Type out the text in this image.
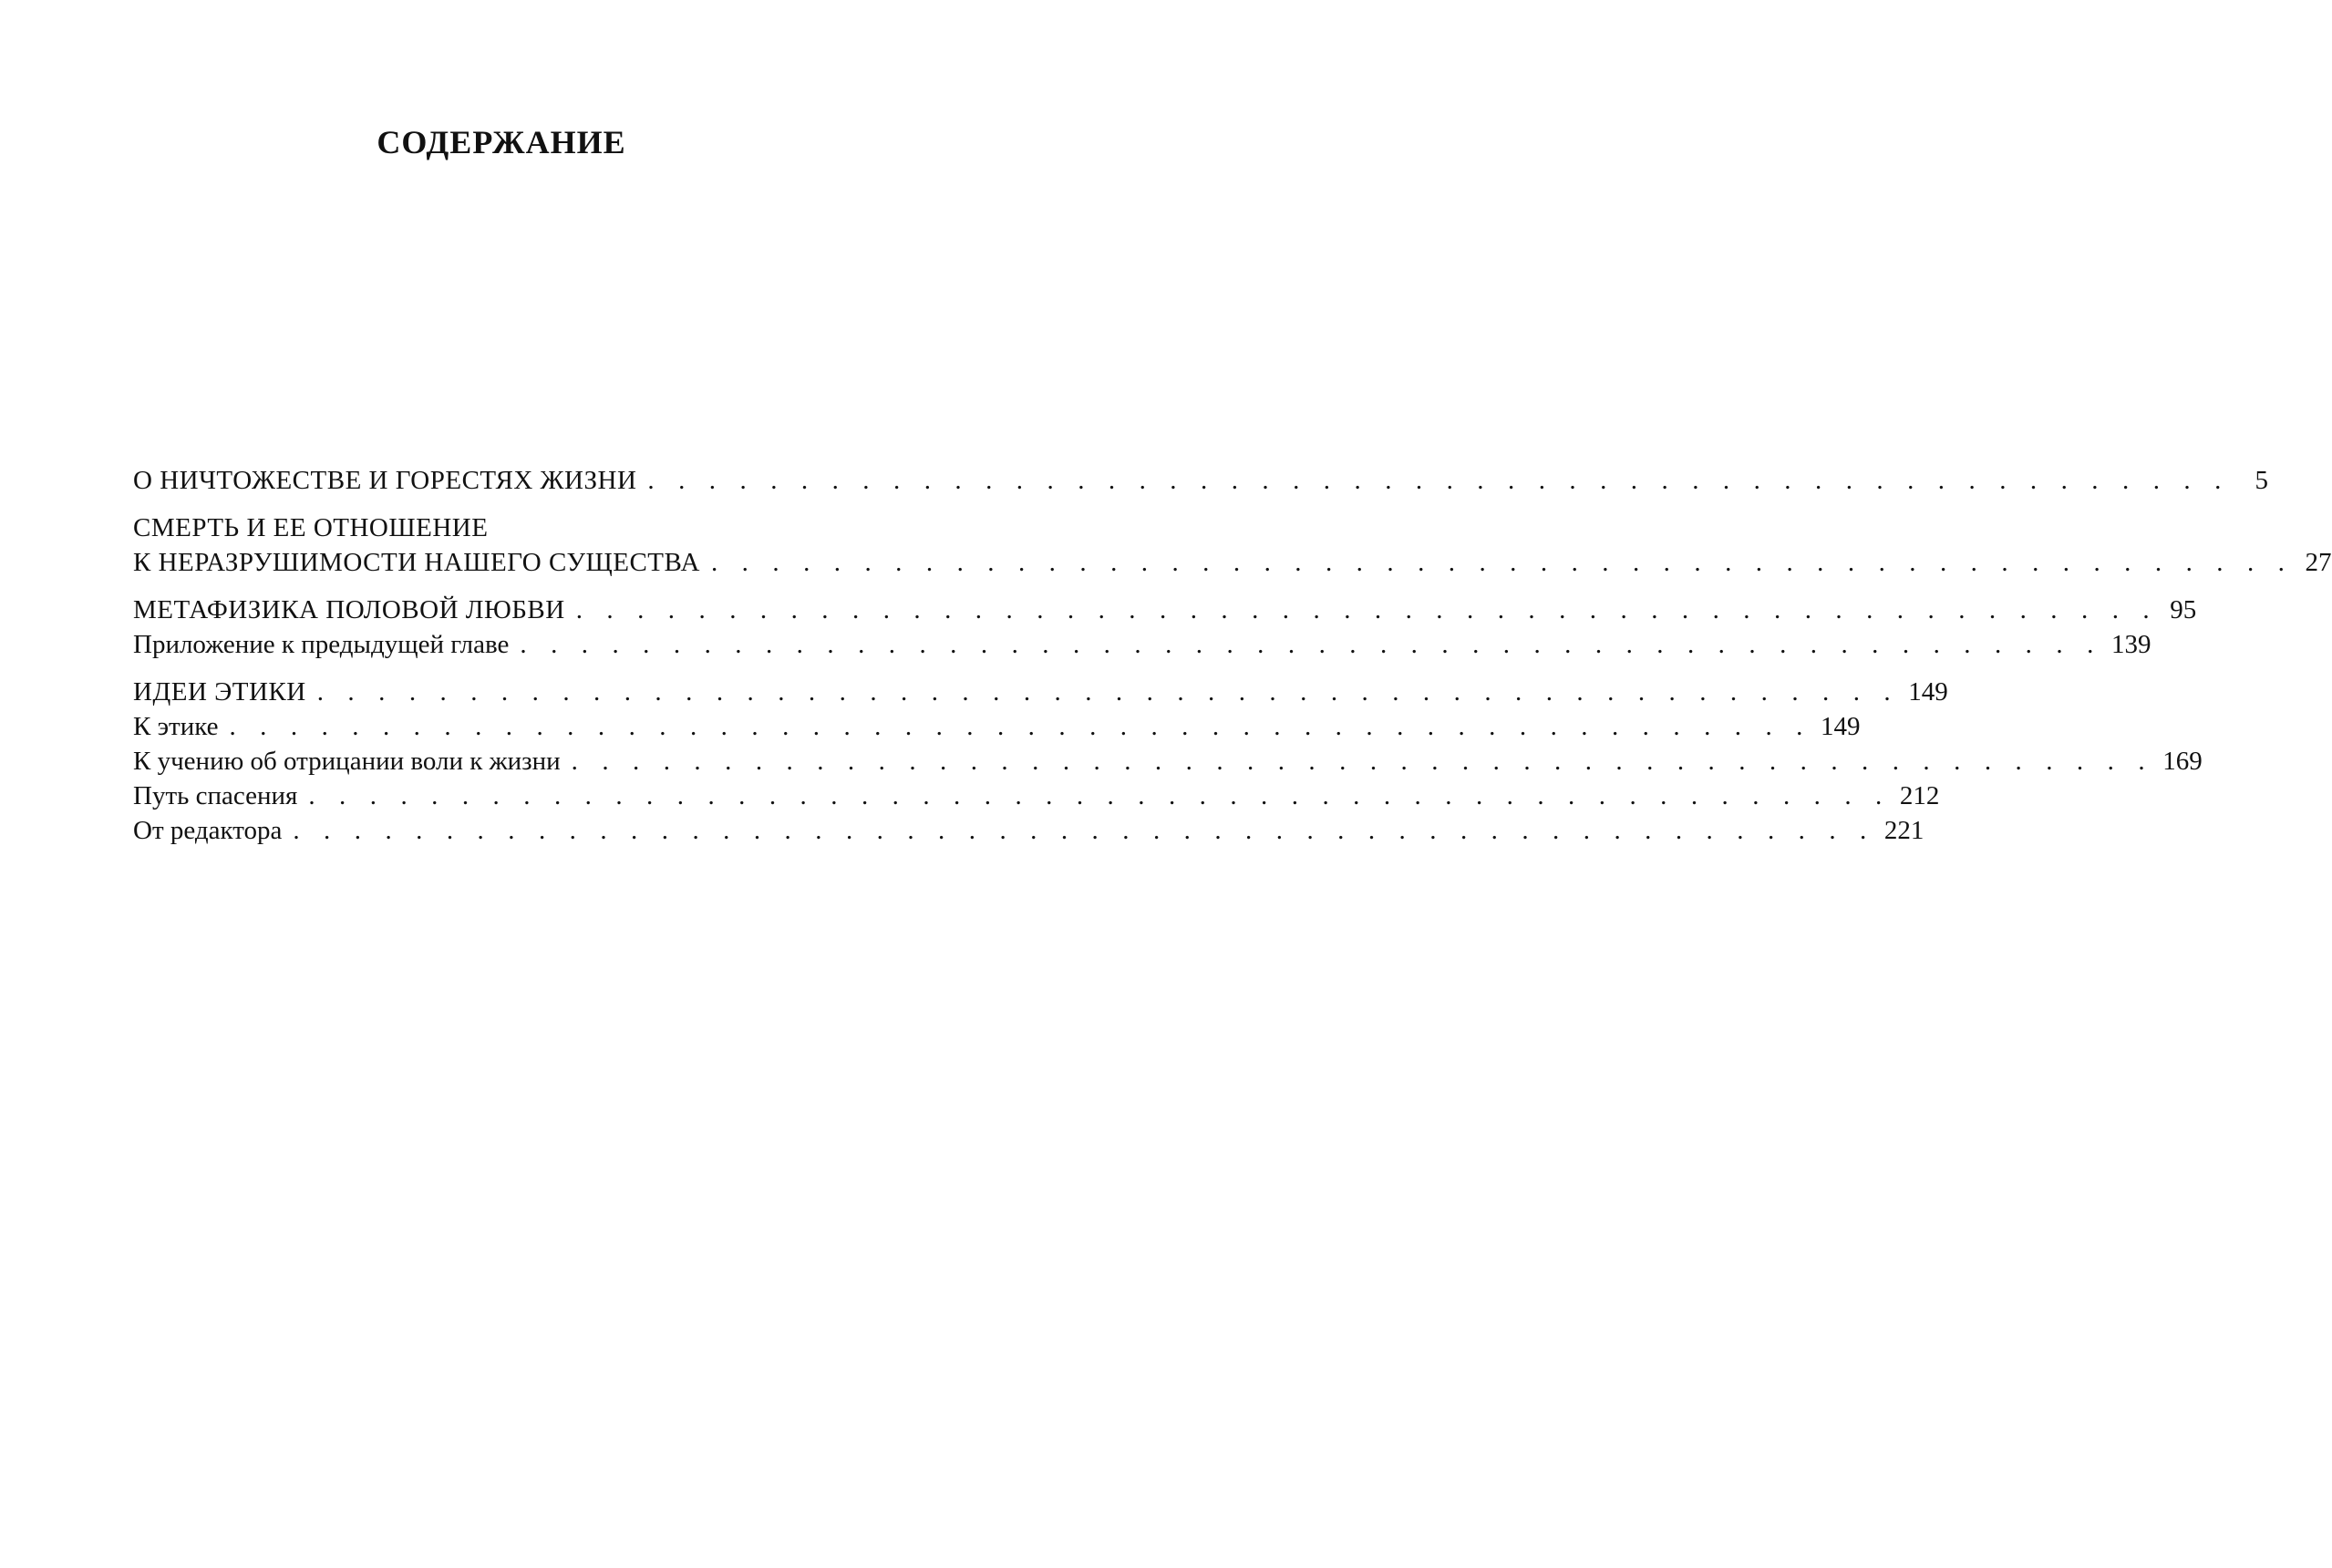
СОДЕРЖАНИЕ
О НИЧТОЖЕСТВЕ И ГОРЕСТЯХ ЖИЗНИ . . . . . . . . . . . . . . . . . . . . . . . . . . . . . . . . . . . . . . . . . . . . . . . . . . . . 5
СМЕРТЬ И ЕЕ ОТНОШЕНИЕ
К НЕРАЗРУШИМОСТИ НАШЕГО СУЩЕСТВА . . . . . . . . . . . . . . . . . . . . . . . . . . . . . . . . . . . . . . . . . . . . . . . . . . . . 27
МЕТАФИЗИКА ПОЛОВОЙ ЛЮБВИ . . . . . . . . . . . . . . . . . . . . . . . . . . . . . . . . . . . . . . . . . . . . . . . . . . . . 95
Приложение к предыдущей главе . . . . . . . . . . . . . . . . . . . . . . . . . . . . . . . . . . . . . . . . . . . . . . . . . . . . 139
ИДЕИ ЭТИКИ . . . . . . . . . . . . . . . . . . . . . . . . . . . . . . . . . . . . . . . . . . . . . . . . . . . . 149
К этике . . . . . . . . . . . . . . . . . . . . . . . . . . . . . . . . . . . . . . . . . . . . . . . . . . . . 149
К учению об отрицании воли к жизни . . . . . . . . . . . . . . . . . . . . . . . . . . . . . . . . . . . . . . . . . . . . . . . . . . . . 169
Путь спасения . . . . . . . . . . . . . . . . . . . . . . . . . . . . . . . . . . . . . . . . . . . . . . . . . . . . 212
От редактора . . . . . . . . . . . . . . . . . . . . . . . . . . . . . . . . . . . . . . . . . . . . . . . . . . . . 221
